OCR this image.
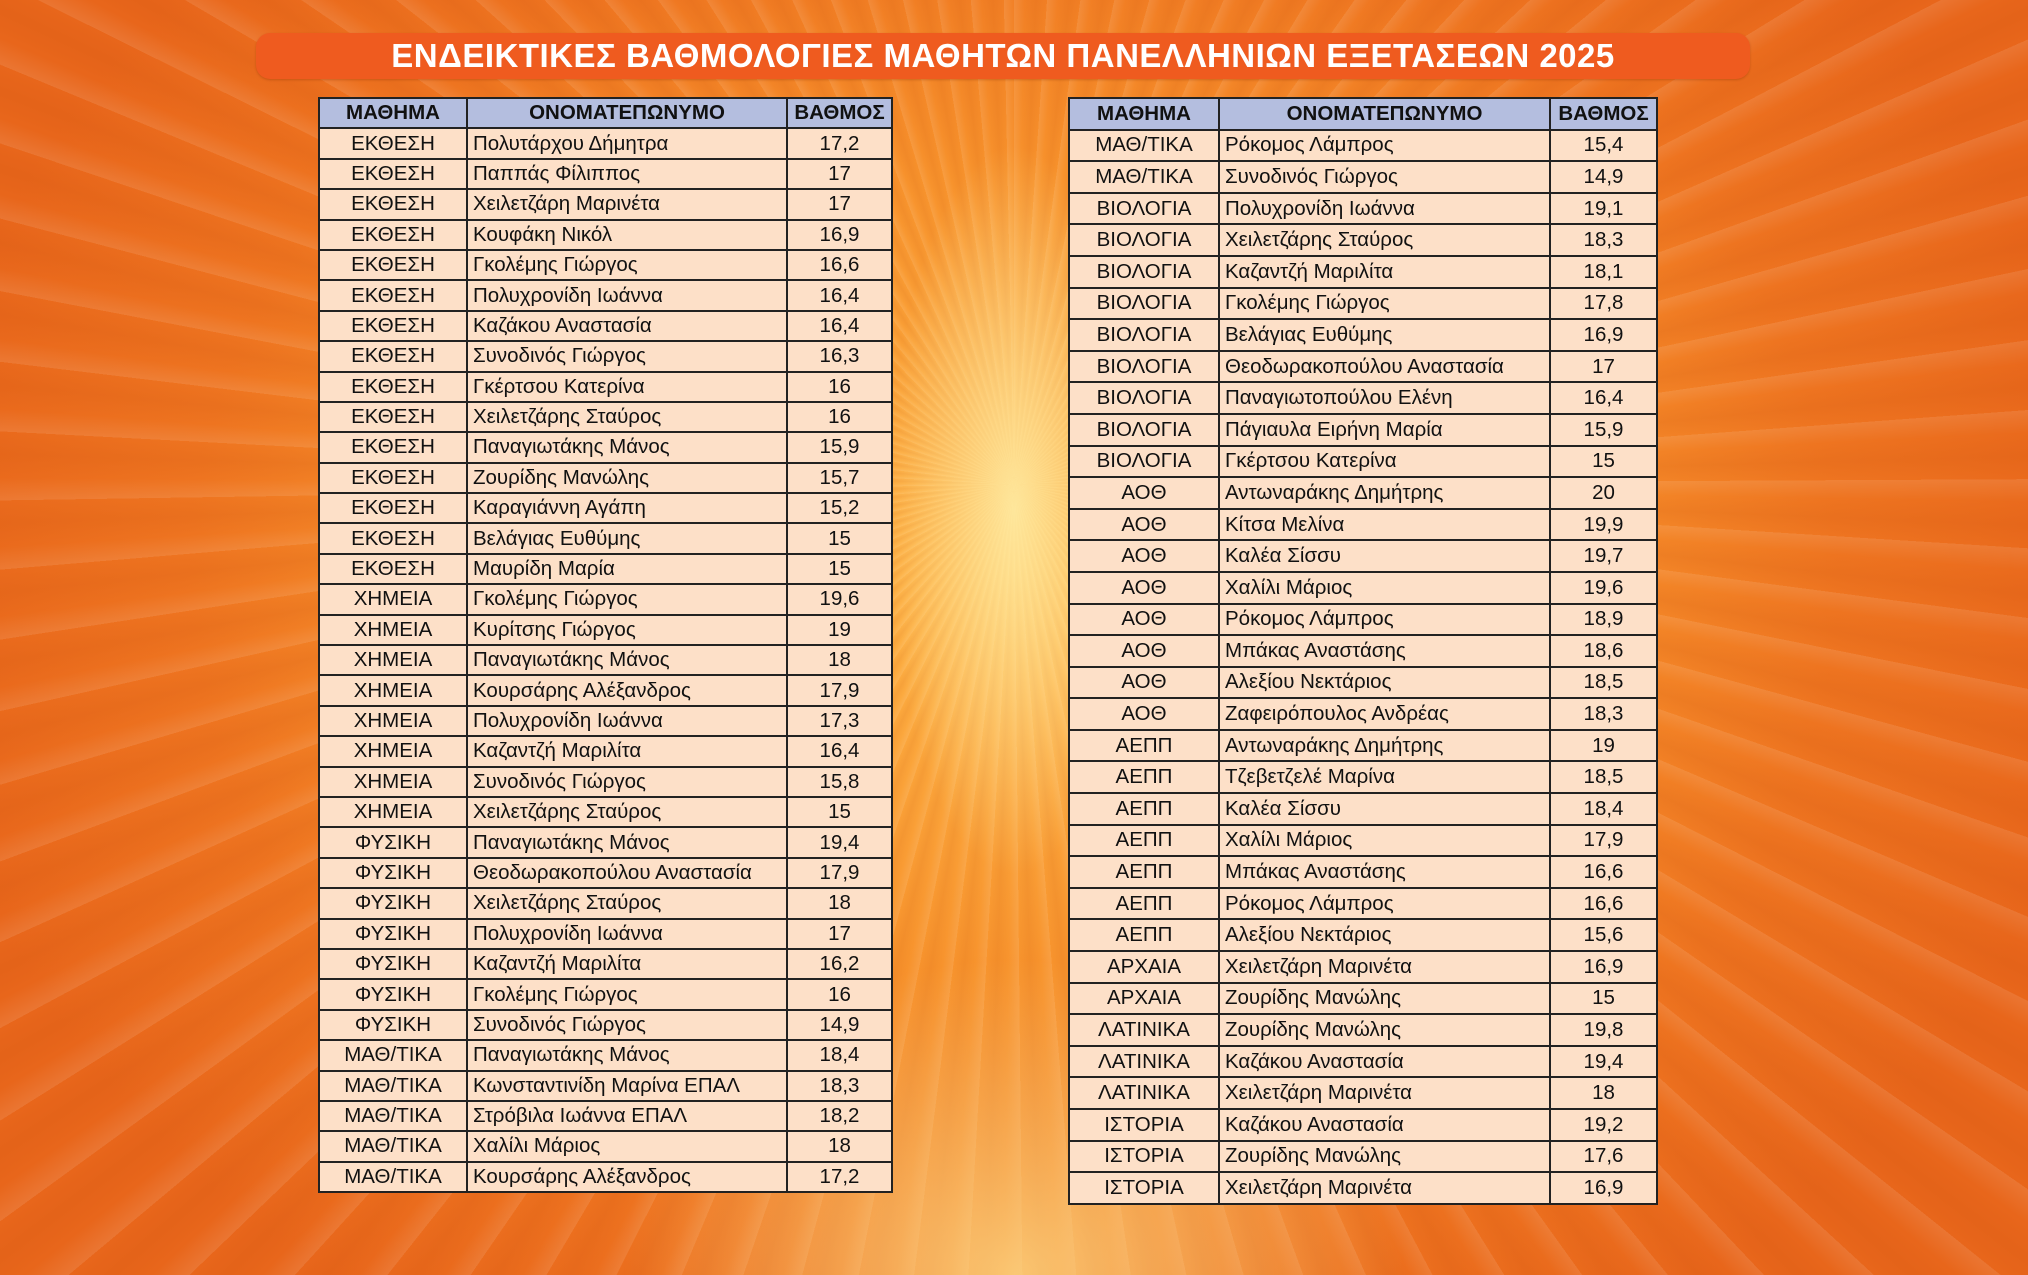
ΕΝΔΕΙΚΤΙΚΕΣ ΒΑΘΜΟΛΟΓΙΕΣ ΜΑΘΗΤΩΝ ΠΑΝΕΛΛΗΝΙΩΝ ΕΞΕΤΑΣΕΩΝ 2025
ΜΑΘΗΜΑ	ΟΝΟΜΑΤΕΠΩΝΥΜΟ	ΒΑΘΜΟΣ
ΕΚΘΕΣΗ	Πολυτάρχου Δήμητρα	17,2
ΕΚΘΕΣΗ	Παππάς Φίλιππος	17
ΕΚΘΕΣΗ	Χειλετζάρη Μαρινέτα	17
ΕΚΘΕΣΗ	Κουφάκη Νικόλ	16,9
ΕΚΘΕΣΗ	Γκολέμης Γιώργος	16,6
ΕΚΘΕΣΗ	Πολυχρονίδη Ιωάννα	16,4
ΕΚΘΕΣΗ	Καζάκου Αναστασία	16,4
ΕΚΘΕΣΗ	Συνοδινός Γιώργος	16,3
ΕΚΘΕΣΗ	Γκέρτσου Κατερίνα	16
ΕΚΘΕΣΗ	Χειλετζάρης Σταύρος	16
ΕΚΘΕΣΗ	Παναγιωτάκης Μάνος	15,9
ΕΚΘΕΣΗ	Ζουρίδης Μανώλης	15,7
ΕΚΘΕΣΗ	Καραγιάννη Αγάπη	15,2
ΕΚΘΕΣΗ	Βελάγιας Ευθύμης	15
ΕΚΘΕΣΗ	Μαυρίδη Μαρία	15
ΧΗΜΕΙΑ	Γκολέμης Γιώργος	19,6
ΧΗΜΕΙΑ	Κυρίτσης Γιώργος	19
ΧΗΜΕΙΑ	Παναγιωτάκης Μάνος	18
ΧΗΜΕΙΑ	Κουρσάρης Αλέξανδρος	17,9
ΧΗΜΕΙΑ	Πολυχρονίδη Ιωάννα	17,3
ΧΗΜΕΙΑ	Καζαντζή Μαριλίτα	16,4
ΧΗΜΕΙΑ	Συνοδινός Γιώργος	15,8
ΧΗΜΕΙΑ	Χειλετζάρης Σταύρος	15
ΦΥΣΙΚΗ	Παναγιωτάκης Μάνος	19,4
ΦΥΣΙΚΗ	Θεοδωρακοπούλου Αναστασία	17,9
ΦΥΣΙΚΗ	Χειλετζάρης Σταύρος	18
ΦΥΣΙΚΗ	Πολυχρονίδη Ιωάννα	17
ΦΥΣΙΚΗ	Καζαντζή Μαριλίτα	16,2
ΦΥΣΙΚΗ	Γκολέμης Γιώργος	16
ΦΥΣΙΚΗ	Συνοδινός Γιώργος	14,9
ΜΑΘ/ΤΙΚΑ	Παναγιωτάκης Μάνος	18,4
ΜΑΘ/ΤΙΚΑ	Κωνσταντινίδη Μαρίνα ΕΠΑΛ	18,3
ΜΑΘ/ΤΙΚΑ	Στρόβιλα Ιωάννα ΕΠΑΛ	18,2
ΜΑΘ/ΤΙΚΑ	Χαλίλι Μάριος	18
ΜΑΘ/ΤΙΚΑ	Κουρσάρης Αλέξανδρος	17,2
ΜΑΘΗΜΑ	ΟΝΟΜΑΤΕΠΩΝΥΜΟ	ΒΑΘΜΟΣ
ΜΑΘ/ΤΙΚΑ	Ρόκομος Λάμπρος	15,4
ΜΑΘ/ΤΙΚΑ	Συνοδινός Γιώργος	14,9
ΒΙΟΛΟΓΙΑ	Πολυχρονίδη Ιωάννα	19,1
ΒΙΟΛΟΓΙΑ	Χειλετζάρης Σταύρος	18,3
ΒΙΟΛΟΓΙΑ	Καζαντζή Μαριλίτα	18,1
ΒΙΟΛΟΓΙΑ	Γκολέμης Γιώργος	17,8
ΒΙΟΛΟΓΙΑ	Βελάγιας Ευθύμης	16,9
ΒΙΟΛΟΓΙΑ	Θεοδωρακοπούλου Αναστασία	17
ΒΙΟΛΟΓΙΑ	Παναγιωτοπούλου Ελένη	16,4
ΒΙΟΛΟΓΙΑ	Πάγιαυλα Ειρήνη Μαρία	15,9
ΒΙΟΛΟΓΙΑ	Γκέρτσου Κατερίνα	15
ΑΟΘ	Αντωναράκης Δημήτρης	20
ΑΟΘ	Κίτσα Μελίνα	19,9
ΑΟΘ	Καλέα Σίσσυ	19,7
ΑΟΘ	Χαλίλι Μάριος	19,6
ΑΟΘ	Ρόκομος Λάμπρος	18,9
ΑΟΘ	Μπάκας Αναστάσης	18,6
ΑΟΘ	Αλεξίου Νεκτάριος	18,5
ΑΟΘ	Ζαφειρόπουλος Ανδρέας	18,3
ΑΕΠΠ	Αντωναράκης Δημήτρης	19
ΑΕΠΠ	Τζεβετζελέ Μαρίνα	18,5
ΑΕΠΠ	Καλέα Σίσσυ	18,4
ΑΕΠΠ	Χαλίλι Μάριος	17,9
ΑΕΠΠ	Μπάκας Αναστάσης	16,6
ΑΕΠΠ	Ρόκομος Λάμπρος	16,6
ΑΕΠΠ	Αλεξίου Νεκτάριος	15,6
ΑΡΧΑΙΑ	Χειλετζάρη Μαρινέτα	16,9
ΑΡΧΑΙΑ	Ζουρίδης Μανώλης	15
ΛΑΤΙΝΙΚΑ	Ζουρίδης Μανώλης	19,8
ΛΑΤΙΝΙΚΑ	Καζάκου Αναστασία	19,4
ΛΑΤΙΝΙΚΑ	Χειλετζάρη Μαρινέτα	18
ΙΣΤΟΡΙΑ	Καζάκου Αναστασία	19,2
ΙΣΤΟΡΙΑ	Ζουρίδης Μανώλης	17,6
ΙΣΤΟΡΙΑ	Χειλετζάρη Μαρινέτα	16,9
